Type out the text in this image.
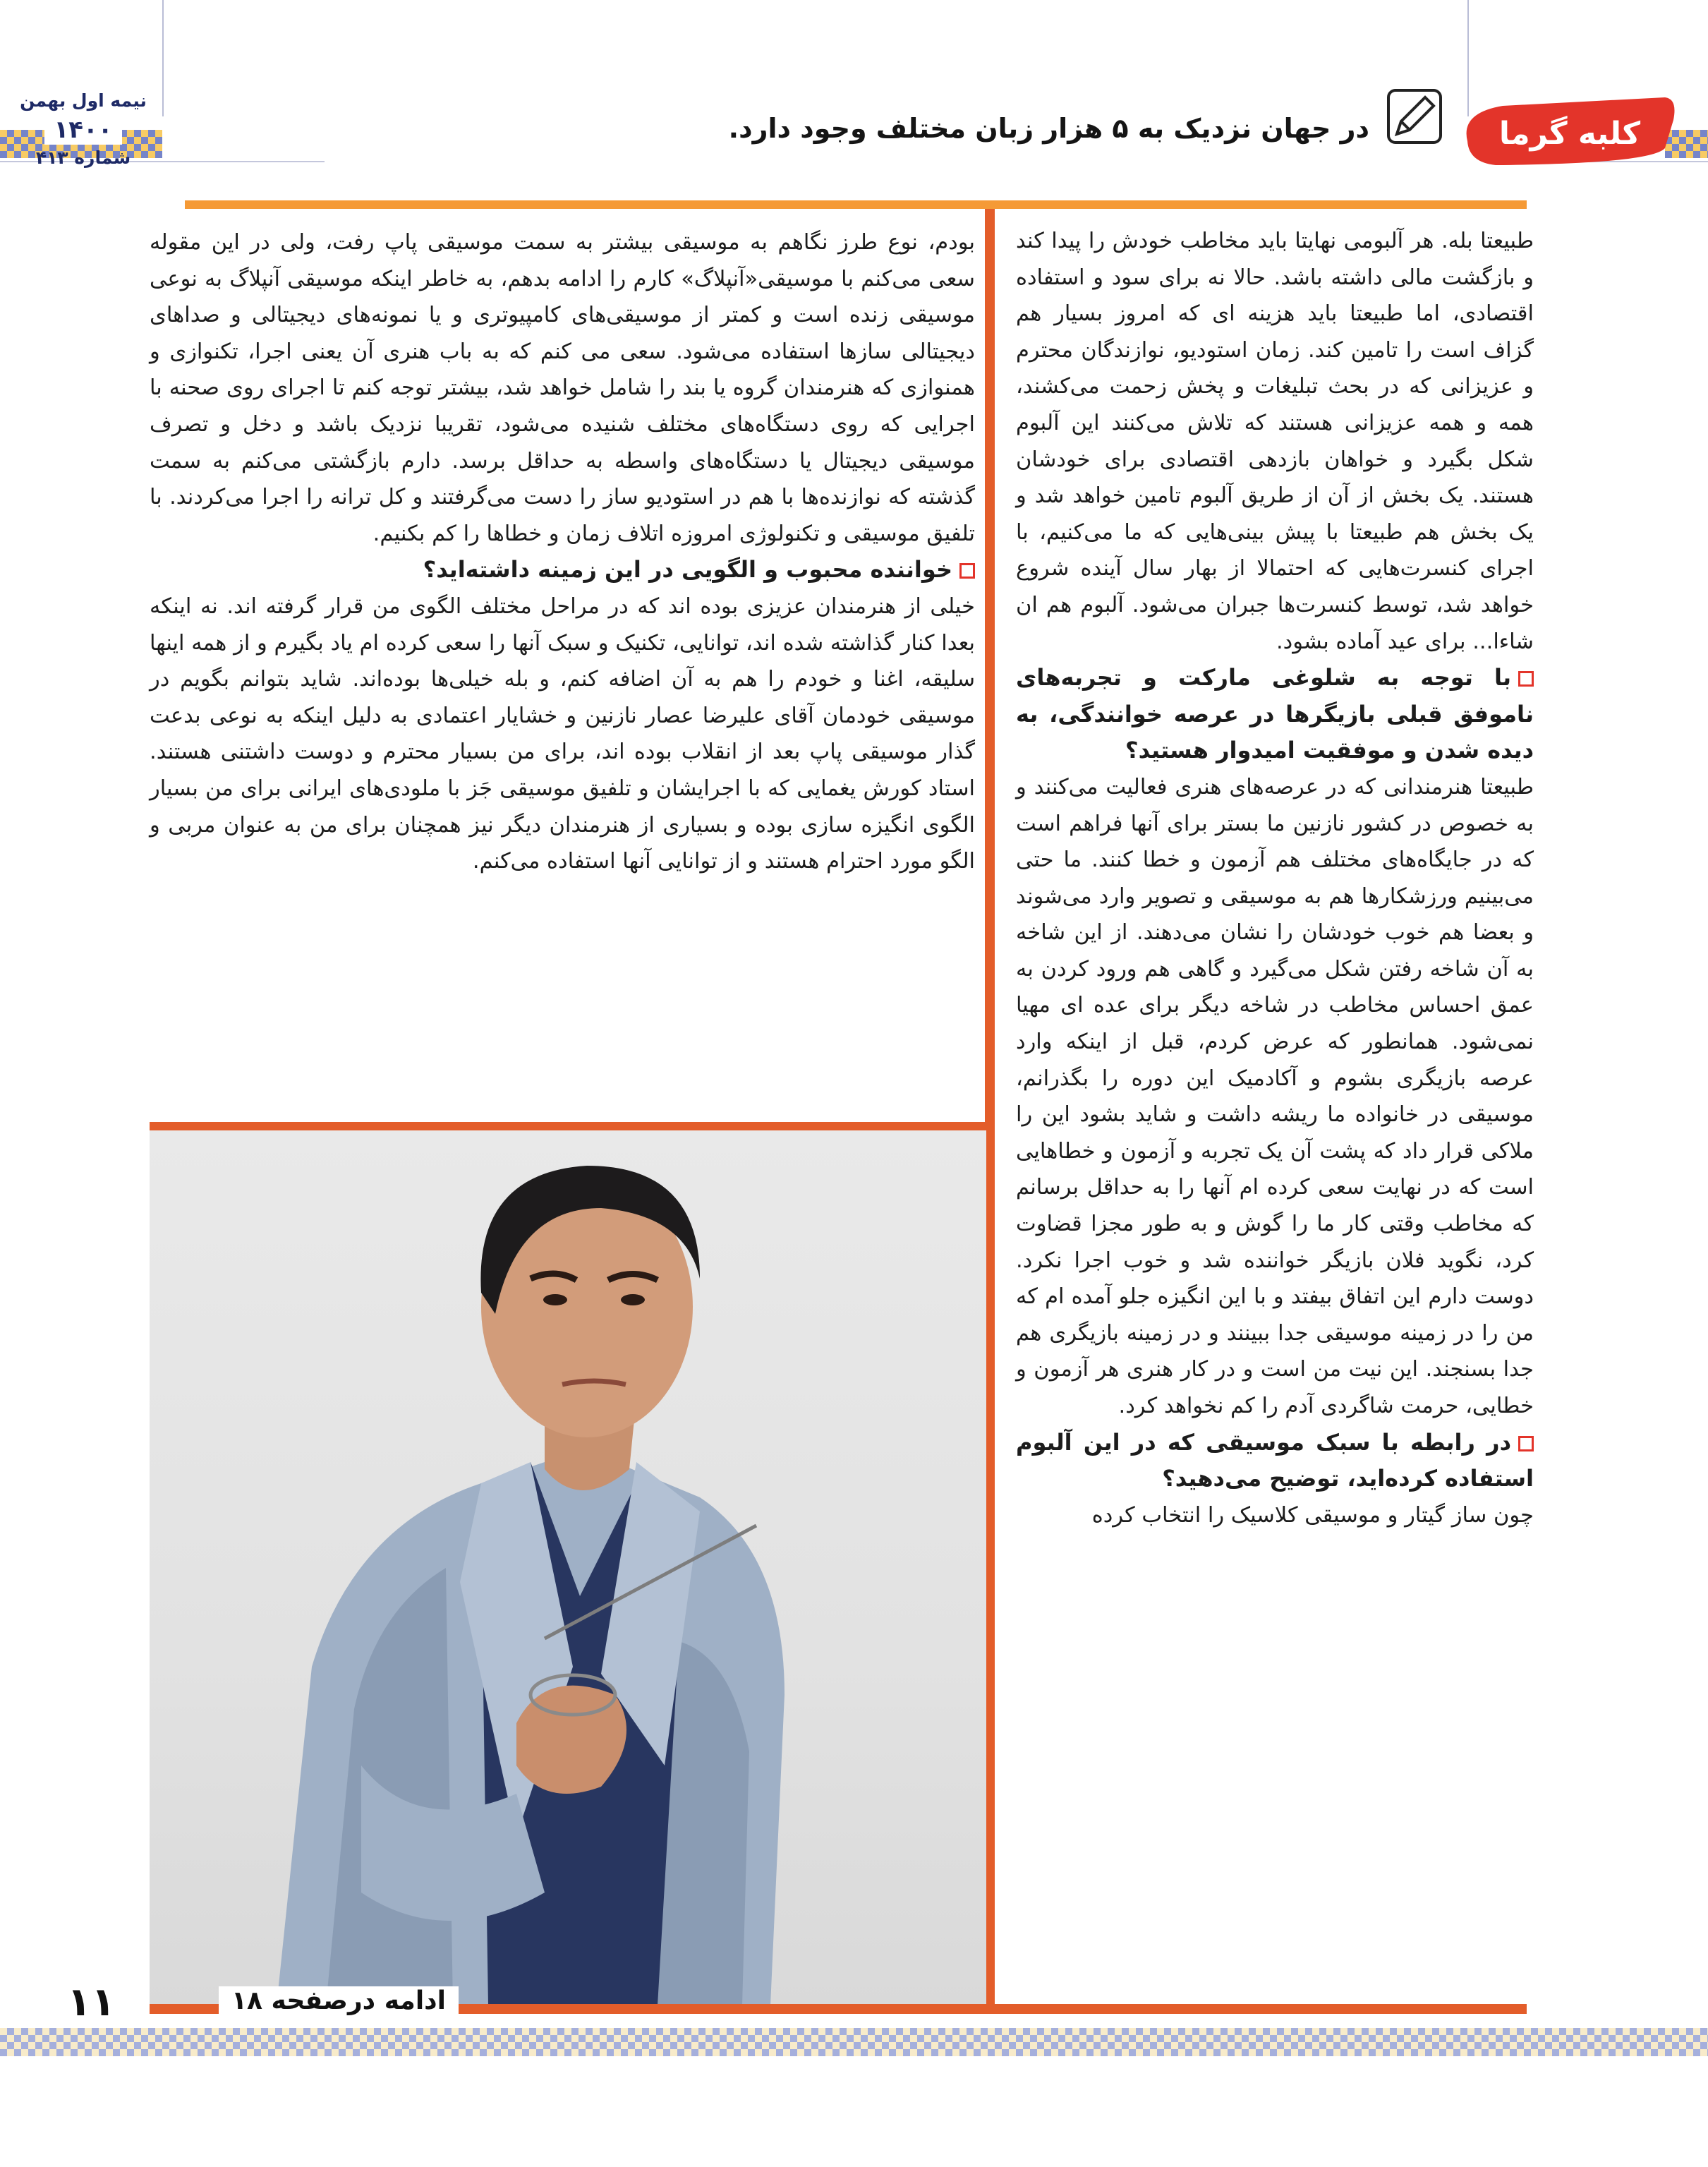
نیمه اول بهمن
۱۴۰۰
شماره ۴۱۳
کلبه گرما
در جهان نزدیک به ۵ هزار زبان مختلف وجود دارد.

طبیعتا بله. هر آلبومی نهایتا باید مخاطب خودش را پیدا کند و بازگشت مالی داشته باشد. حالا نه برای سود و استفاده اقتصادی، اما طبیعتا باید هزینه ای که امروز بسیار هم گزاف است را تامین کند. زمان استودیو، نوازندگان محترم و عزیزانی که در بحث تبلیغات و پخش زحمت می‌کشند، همه و همه عزیزانی هستند که تلاش می‌کنند این آلبوم شکل بگیرد و خواهان بازدهی اقتصادی برای خودشان هستند. یک بخش از آن از طریق آلبوم تامین خواهد شد و یک بخش هم طبیعتا با پیش بینی‌هایی که ما می‌کنیم، با اجرای کنسرت‌هایی که احتمالا از بهار سال آینده شروع خواهد شد، توسط کنسرت‌ها جبران می‌شود. آلبوم هم ان شاءا... برای عید آماده بشود.

با توجه به شلوغی مارکت و تجربه‌های ناموفق قبلی بازیگرها در عرصه خوانندگی، به دیده شدن و موفقیت امیدوار هستید؟

طبیعتا هنرمندانی که در عرصه‌های هنری فعالیت می‌کنند و به خصوص در کشور نازنین ما بستر برای آنها فراهم است که در جایگاه‌های مختلف هم آزمون و خطا کنند. ما حتی می‌بینیم ورزشکارها هم به موسیقی و تصویر وارد می‌شوند و بعضا هم خوب خودشان را نشان می‌دهند. از این شاخه به آن شاخه رفتن شکل می‌گیرد و گاهی هم ورود کردن به عمق احساس مخاطب در شاخه دیگر برای عده ای مهیا نمی‌شود. همانطور که عرض کردم، قبل از اینکه وارد عرصه بازیگری بشوم و آکادمیک این دوره را بگذرانم، موسیقی در خانواده ما ریشه داشت و شاید بشود این را ملاکی قرار داد که پشت آن یک تجربه و آزمون و خطاهایی است که در نهایت سعی کرده ام آنها را به حداقل برسانم که مخاطب وقتی کار ما را گوش و به طور مجزا قضاوت کرد، نگوید فلان بازیگر خواننده شد و خوب اجرا نکرد. دوست دارم این اتفاق بیفتد و با این انگیزه جلو آمده ام که من را در زمینه موسیقی جدا ببینند و در زمینه بازیگری هم جدا بسنجند. این نیت من است و در کار هنری هر آزمون و خطایی، حرمت شاگردی آدم را کم نخواهد کرد.

در رابطه با سبک موسیقی که در این آلبوم استفاده کرده‌اید، توضیح می‌دهید؟

چون ساز گیتار و موسیقی کلاسیک را انتخاب کرده

بودم، نوع طرز نگاهم به موسیقی بیشتر به سمت موسیقی پاپ رفت، ولی در این مقوله سعی می‌کنم با موسیقی«آنپلاگ» کارم را ادامه بدهم، به خاطر اینکه موسیقی آنپلاگ به نوعی موسیقی زنده است و کمتر از موسیقی‌های کامپیوتری و یا نمونه‌های دیجیتالی و صداهای دیجیتالی سازها استفاده می‌شود. سعی می کنم که به باب هنری آن یعنی اجرا، تکنوازی و همنوازی که هنرمندان گروه یا بند را شامل خواهد شد، بیشتر توجه کنم تا اجرای روی صحنه با اجرایی که روی دستگاه‌های مختلف شنیده می‌شود، تقریبا نزدیک باشد و دخل و تصرف موسیقی دیجیتال یا دستگاه‌های واسطه به حداقل برسد. دارم بازگشتی می‌کنم به سمت گذشته که نوازنده‌ها با هم در استودیو ساز را دست می‌گرفتند و کل ترانه را اجرا می‌کردند. با تلفیق موسیقی و تکنولوژی امروزه اتلاف زمان و خطاها را کم بکنیم.

خواننده محبوب و الگویی در این زمینه داشته‌اید؟

خیلی از هنرمندان عزیزی بوده اند که در مراحل مختلف الگوی من قرار گرفته اند. نه اینکه بعدا کنار گذاشته شده اند، توانایی، تکنیک و سبک آنها را سعی کرده ام یاد بگیرم و از همه اینها سلیقه، اغنا و خودم را هم به آن اضافه کنم، و بله خیلی‌ها بوده‌اند. شاید بتوانم بگویم در موسیقی خودمان آقای علیرضا عصار نازنین و خشایار اعتمادی به دلیل اینکه به نوعی بدعت گذار موسیقی پاپ بعد از انقلاب بوده اند، برای من بسیار محترم و دوست داشتنی هستند. استاد کورش یغمایی که با اجرایشان و تلفیق موسیقی جَز با ملودی‌های ایرانی برای من بسیار الگوی انگیزه سازی بوده و بسیاری از هنرمندان دیگر نیز همچنان برای من به عنوان مربی و الگو مورد احترام هستند و از توانایی آنها استفاده می‌کنم.

ادامه درصفحه ۱۸
۱۱
